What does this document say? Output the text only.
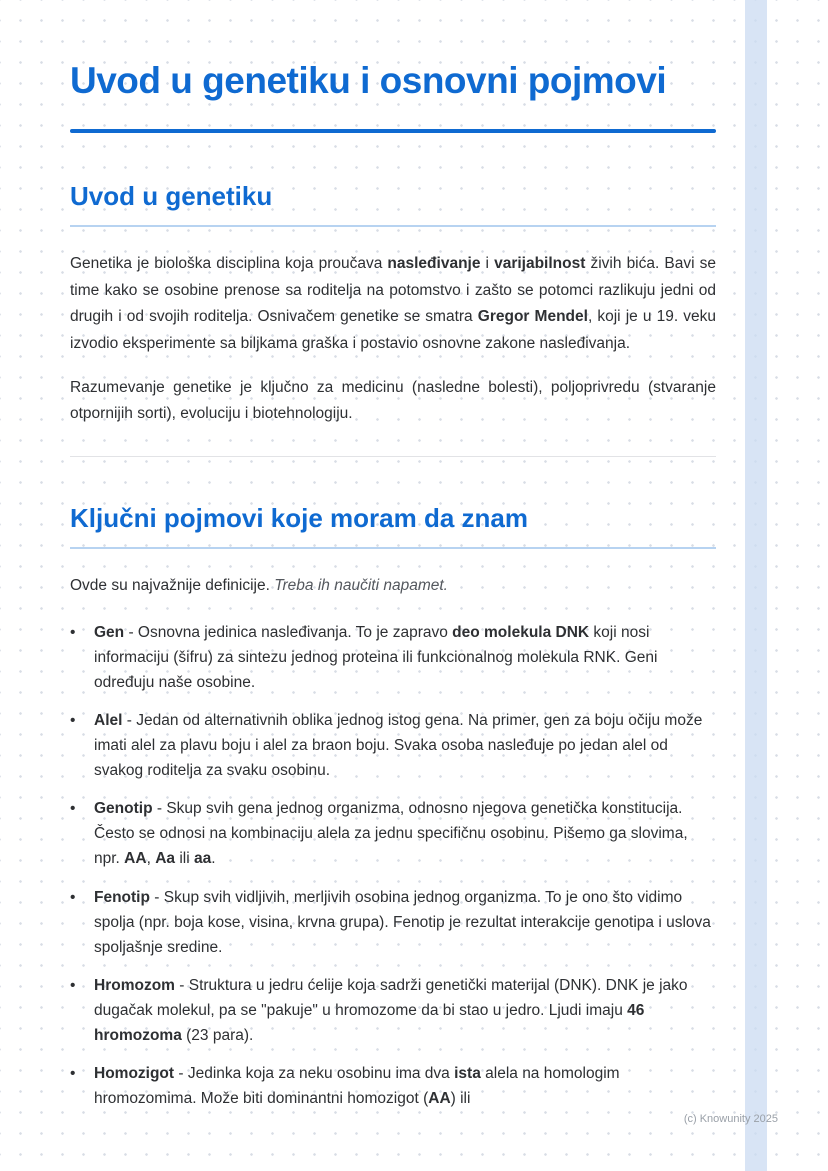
Uvod u genetiku i osnovni pojmovi
Uvod u genetiku

Genetika je biološka disciplina koja proučava nasleđivanje i varijabilnost živih bića. Bavi se time kako se osobine prenose sa roditelja na potomstvo i zašto se potomci razlikuju jedni od drugih i od svojih roditelja. Osnivačem genetike se smatra Gregor Mendel, koji je u 19. veku izvodio eksperimente sa biljkama graška i postavio osnovne zakone nasleđivanja.

Razumevanje genetike je ključno za medicinu (nasledne bolesti), poljoprivredu (stvaranje otpornijih sorti), evoluciju i biotehnologiju.

Ključni pojmovi koje moram da znam

Ovde su najvažnije definicije. Treba ih naučiti napamet.

•	Gen - Osnovna jedinica nasleđivanja. To je zapravo deo molekula DNK koji nosi informaciju (šifru) za sintezu jednog proteina ili funkcionalnog molekula RNK. Geni određuju naše osobine.
•	Alel - Jedan od alternativnih oblika jednog istog gena. Na primer, gen za boju očiju može imati alel za plavu boju i alel za braon boju. Svaka osoba nasleđuje po jedan alel od svakog roditelja za svaku osobinu.
•	Genotip - Skup svih gena jednog organizma, odnosno njegova genetička konstitucija. Često se odnosi na kombinaciju alela za jednu specifičnu osobinu. Pišemo ga slovima, npr. AA, Aa ili aa.
•	Fenotip - Skup svih vidljivih, merljivih osobina jednog organizma. To je ono što vidimo spolja (npr. boja kose, visina, krvna grupa). Fenotip je rezultat interakcije genotipa i uslova spoljašnje sredine.
•	Hromozom - Struktura u jedru ćelije koja sadrži genetički materijal (DNK). DNK je jako dugačak molekul, pa se "pakuje" u hromozome da bi stao u jedro. Ljudi imaju 46 hromozoma (23 para).
•	Homozigot - Jedinka koja za neku osobinu ima dva ista alela na homologim hromozomima. Može biti dominantni homozigot (AA) ili
(c) Knowunity 2025
